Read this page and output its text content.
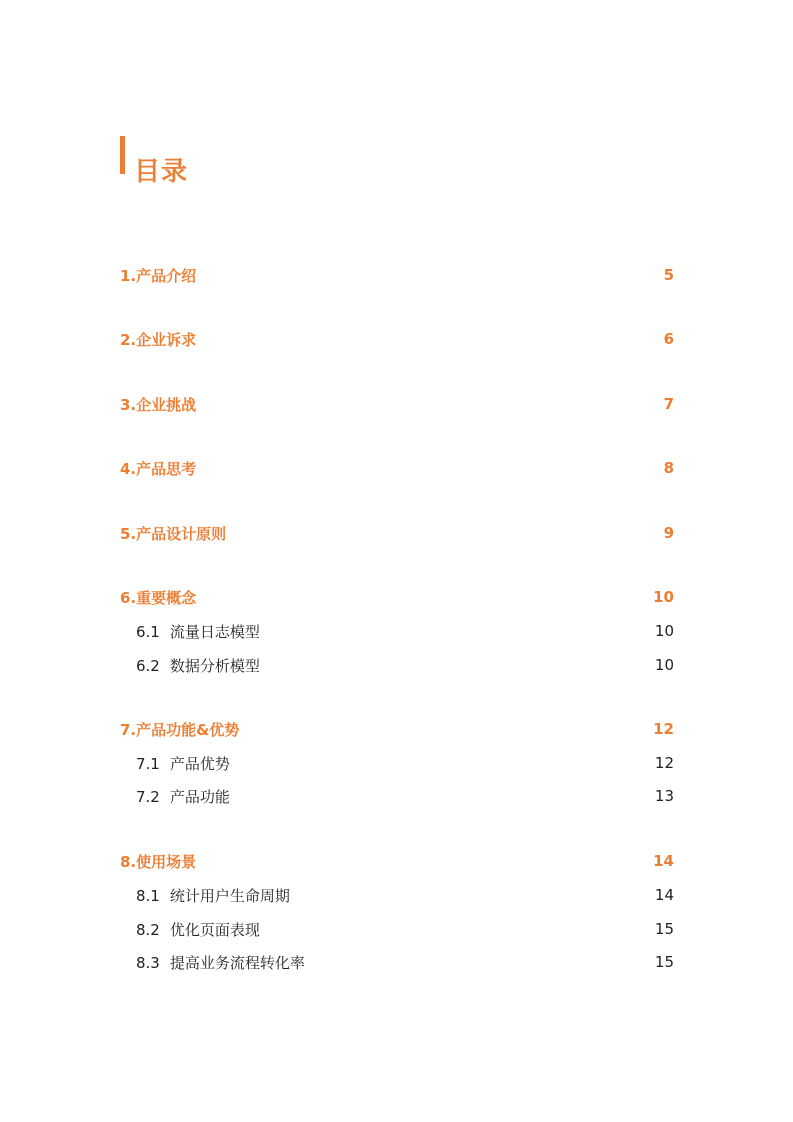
目录
1.产品介绍	5
2.企业诉求	6
3.企业挑战	7
4.产品思考	8
5.产品设计原则	9
6.重要概念	10
6.1 流量日志模型	10
6.2 数据分析模型	10
7.产品功能&优势	12
7.1 产品优势	12
7.2 产品功能	13
8.使用场景	14
8.1 统计用户生命周期	14
8.2 优化页面表现	15
8.3 提高业务流程转化率	15
